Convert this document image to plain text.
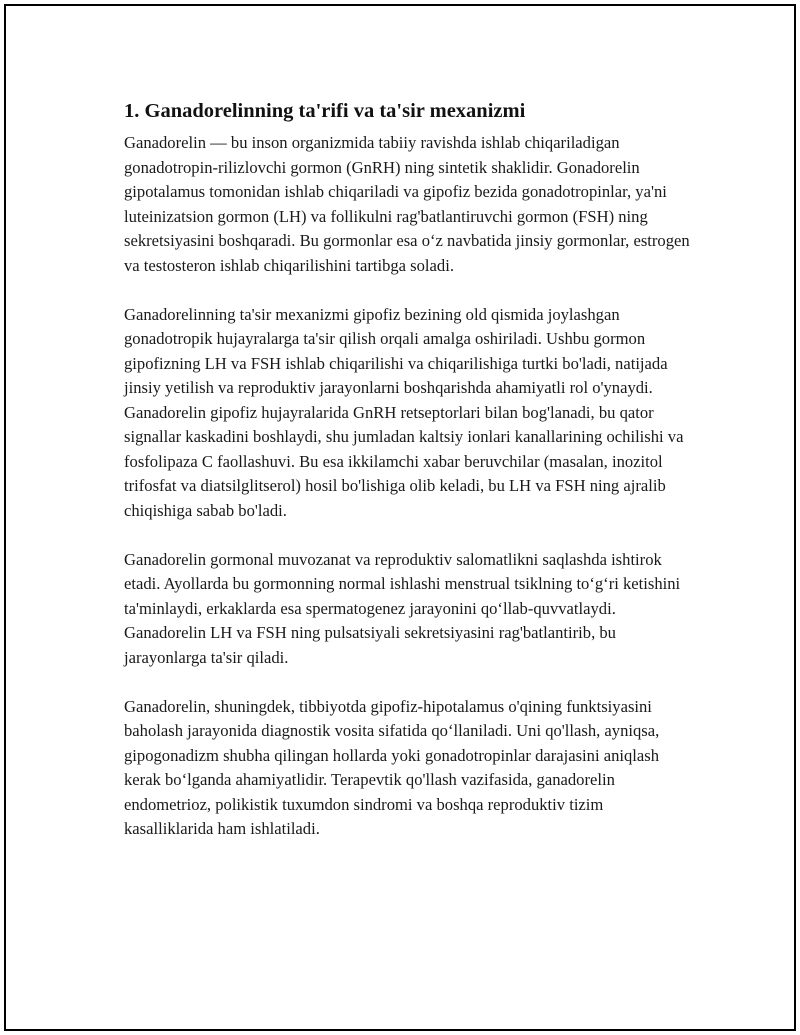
1. Ganadorelinning ta'rifi va ta'sir mexanizmi

Ganadorelin — bu inson organizmida tabiiy ravishda ishlab chiqariladigan gonadotropin-rilizlovchi gormon (GnRH) ning sintetik shaklidir. Gonadorelin gipotalamus tomonidan ishlab chiqariladi va gipofiz bezida gonadotropinlar, ya'ni luteinizatsion gormon (LH) va follikulni rag'batlantiruvchi gormon (FSH) ning sekretsiyasini boshqaradi. Bu gormonlar esa o‘z navbatida jinsiy gormonlar, estrogen va testosteron ishlab chiqarilishini tartibga soladi.

Ganadorelinning ta'sir mexanizmi gipofiz bezining old qismida joylashgan gonadotropik hujayralarga ta'sir qilish orqali amalga oshiriladi. Ushbu gormon gipofizning LH va FSH ishlab chiqarilishi va chiqarilishiga turtki bo'ladi, natijada jinsiy yetilish va reproduktiv jarayonlarni boshqarishda ahamiyatli rol o'ynaydi. Ganadorelin gipofiz hujayralarida GnRH retseptorlari bilan bog'lanadi, bu qator signallar kaskadini boshlaydi, shu jumladan kaltsiy ionlari kanallarining ochilishi va fosfolipaza C faollashuvi. Bu esa ikkilamchi xabar beruvchilar (masalan, inozitol trifosfat va diatsilglitserol) hosil bo'lishiga olib keladi, bu LH va FSH ning ajralib chiqishiga sabab bo'ladi.

Ganadorelin gormonal muvozanat va reproduktiv salomatlikni saqlashda ishtirok etadi. Ayollarda bu gormonning normal ishlashi menstrual tsiklning to‘g‘ri ketishini ta'minlaydi, erkaklarda esa spermatogenez jarayonini qo‘llab-quvvatlaydi. Ganadorelin LH va FSH ning pulsatsiyali sekretsiyasini rag'batlantirib, bu jarayonlarga ta'sir qiladi.

Ganadorelin, shuningdek, tibbiyotda gipofiz-hipotalamus o'qining funktsiyasini baholash jarayonida diagnostik vosita sifatida qo‘llaniladi. Uni qo'llash, ayniqsa, gipogonadizm shubha qilingan hollarda yoki gonadotropinlar darajasini aniqlash kerak bo‘lganda ahamiyatlidir. Terapevtik qo'llash vazifasida, ganadorelin endometrioz, polikistik tuxumdon sindromi va boshqa reproduktiv tizim kasalliklarida ham ishlatiladi.
